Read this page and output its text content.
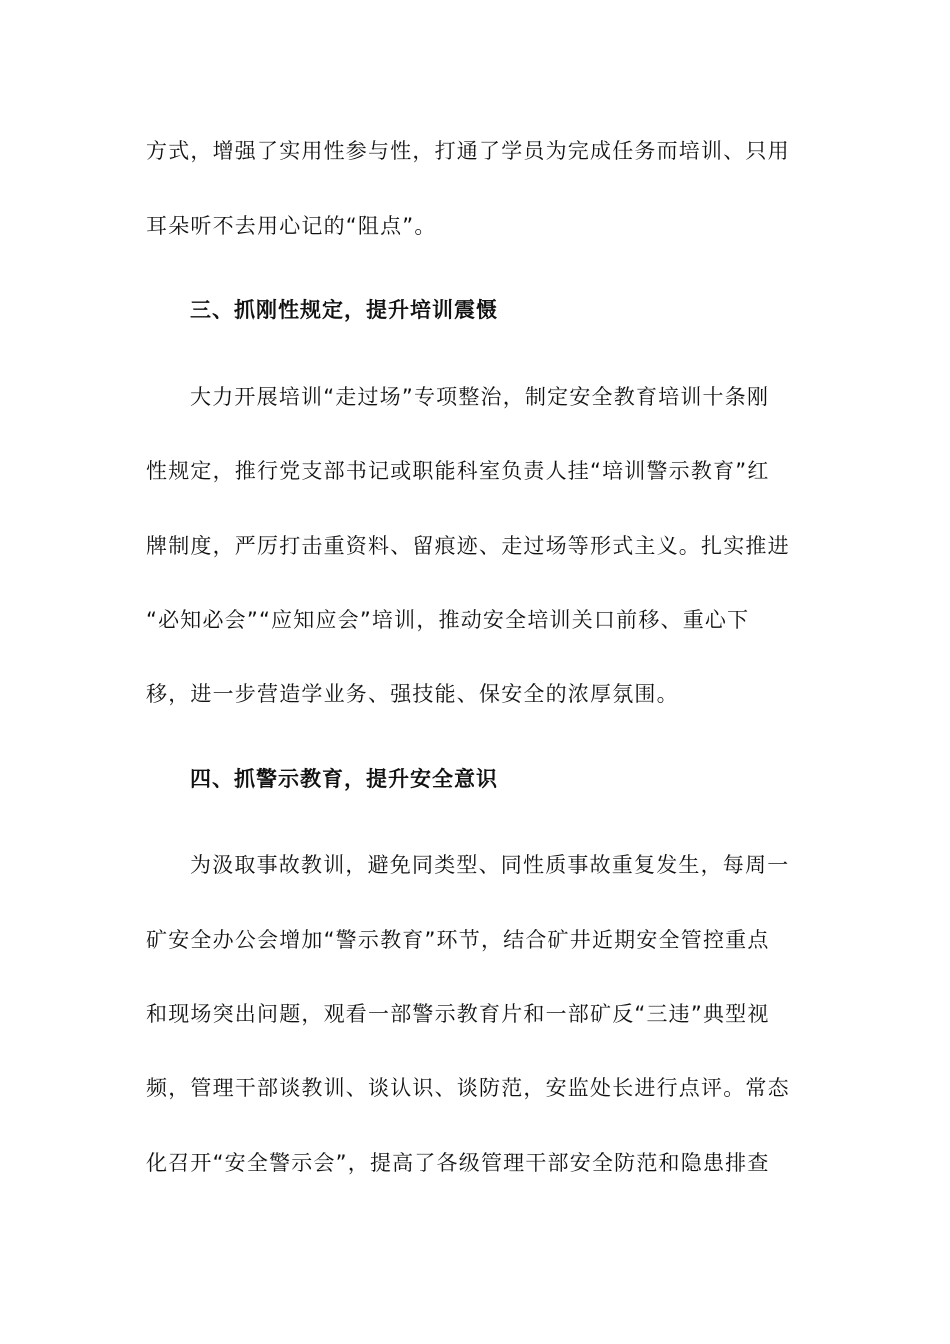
方式，增强了实用性参与性，打通了学员为完成任务而培训、只用
耳朵听不去用心记的“阻点”。
三、抓刚性规定，提升培训震慑
大力开展培训“走过场”专项整治，制定安全教育培训十条刚
性规定，推行党支部书记或职能科室负责人挂“培训警示教育”红
牌制度，严厉打击重资料、留痕迹、走过场等形式主义。扎实推进
“必知必会”“应知应会”培训，推动安全培训关口前移、重心下
移，进一步营造学业务、强技能、保安全的浓厚氛围。
四、抓警示教育，提升安全意识
为汲取事故教训，避免同类型、同性质事故重复发生，每周一
矿安全办公会增加“警示教育”环节，结合矿井近期安全管控重点
和现场突出问题，观看一部警示教育片和一部矿反“三违”典型视
频，管理干部谈教训、谈认识、谈防范，安监处长进行点评。常态
化召开“安全警示会”，提高了各级管理干部安全防范和隐患排查
